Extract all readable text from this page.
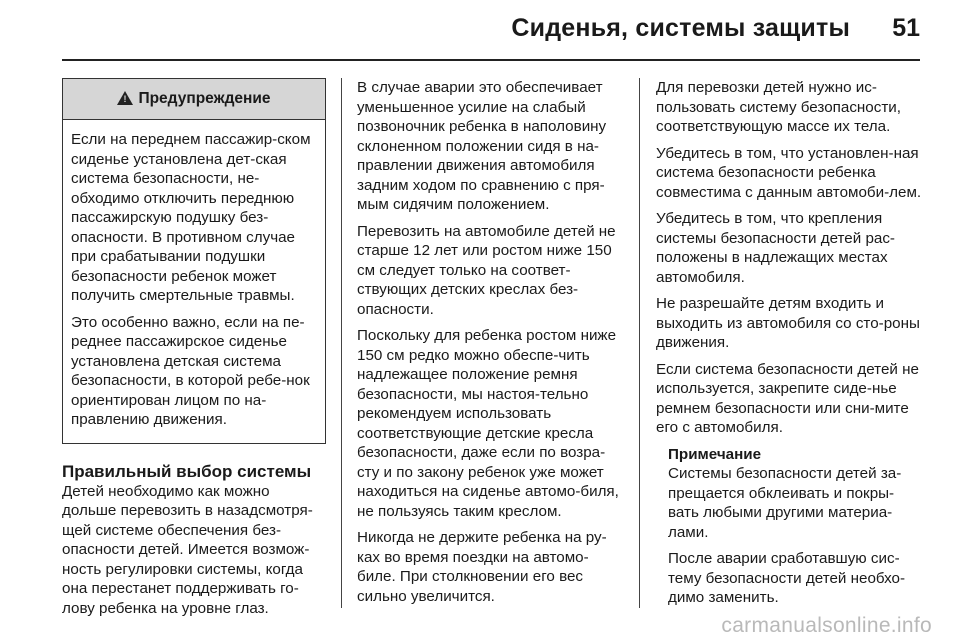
Сиденья, системы защиты 51
! Предупреждение

Если на переднем пассажир-ском сиденье установлена дет-ская система безопасности, не-обходимо отключить переднюю пассажирскую подушку без-опасности. В противном случае при срабатывании подушки безопасности ребенок может получить смертельные травмы.

Это особенно важно, если на пе-реднее пассажирское сиденье установлена детская система безопасности, в которой ребе-нок ориентирован лицом по на-правлению движения.

Правильный выбор системы

Детей необходимо как можно дольше перевозить в назадсмотря-щей системе обеспечения без-опасности детей. Имеется возмож-ность регулировки системы, когда она перестанет поддерживать го-лову ребенка на уровне глаз.

В случае аварии это обеспечивает уменьшенное усилие на слабый позвоночник ребенка в наполовину склоненном положении сидя в на-правлении движения автомобиля задним ходом по сравнению с пря-мым сидячим положением.

Перевозить на автомобиле детей не старше 12 лет или ростом ниже 150 см следует только на соответ-ствующих детских креслах без-опасности.

Поскольку для ребенка ростом ниже 150 см редко можно обеспе-чить надлежащее положение ремня безопасности, мы настоя-тельно рекомендуем использовать соответствующие детские кресла безопасности, даже если по возра-сту и по закону ребенок уже может находиться на сиденье автомо-биля, не пользуясь таким креслом.

Никогда не держите ребенка на ру-ках во время поездки на автомо-биле. При столкновении его вес сильно увеличится.

Для перевозки детей нужно ис-пользовать систему безопасности, соответствующую массе их тела.

Убедитесь в том, что установлен-ная система безопасности ребенка совместима с данным автомоби-лем.

Убедитесь в том, что крепления системы безопасности детей рас-положены в надлежащих местах автомобиля.

Не разрешайте детям входить и выходить из автомобиля со сто-роны движения.

Если система безопасности детей не используется, закрепите сиде-нье ремнем безопасности или сни-мите его с автомобиля.

Примечание

Системы безопасности детей за-прещается обклеивать и покры-вать любыми другими материа-лами.

После аварии сработавшую сис-тему безопасности детей необхо-димо заменить.

carmanualsonline.info
